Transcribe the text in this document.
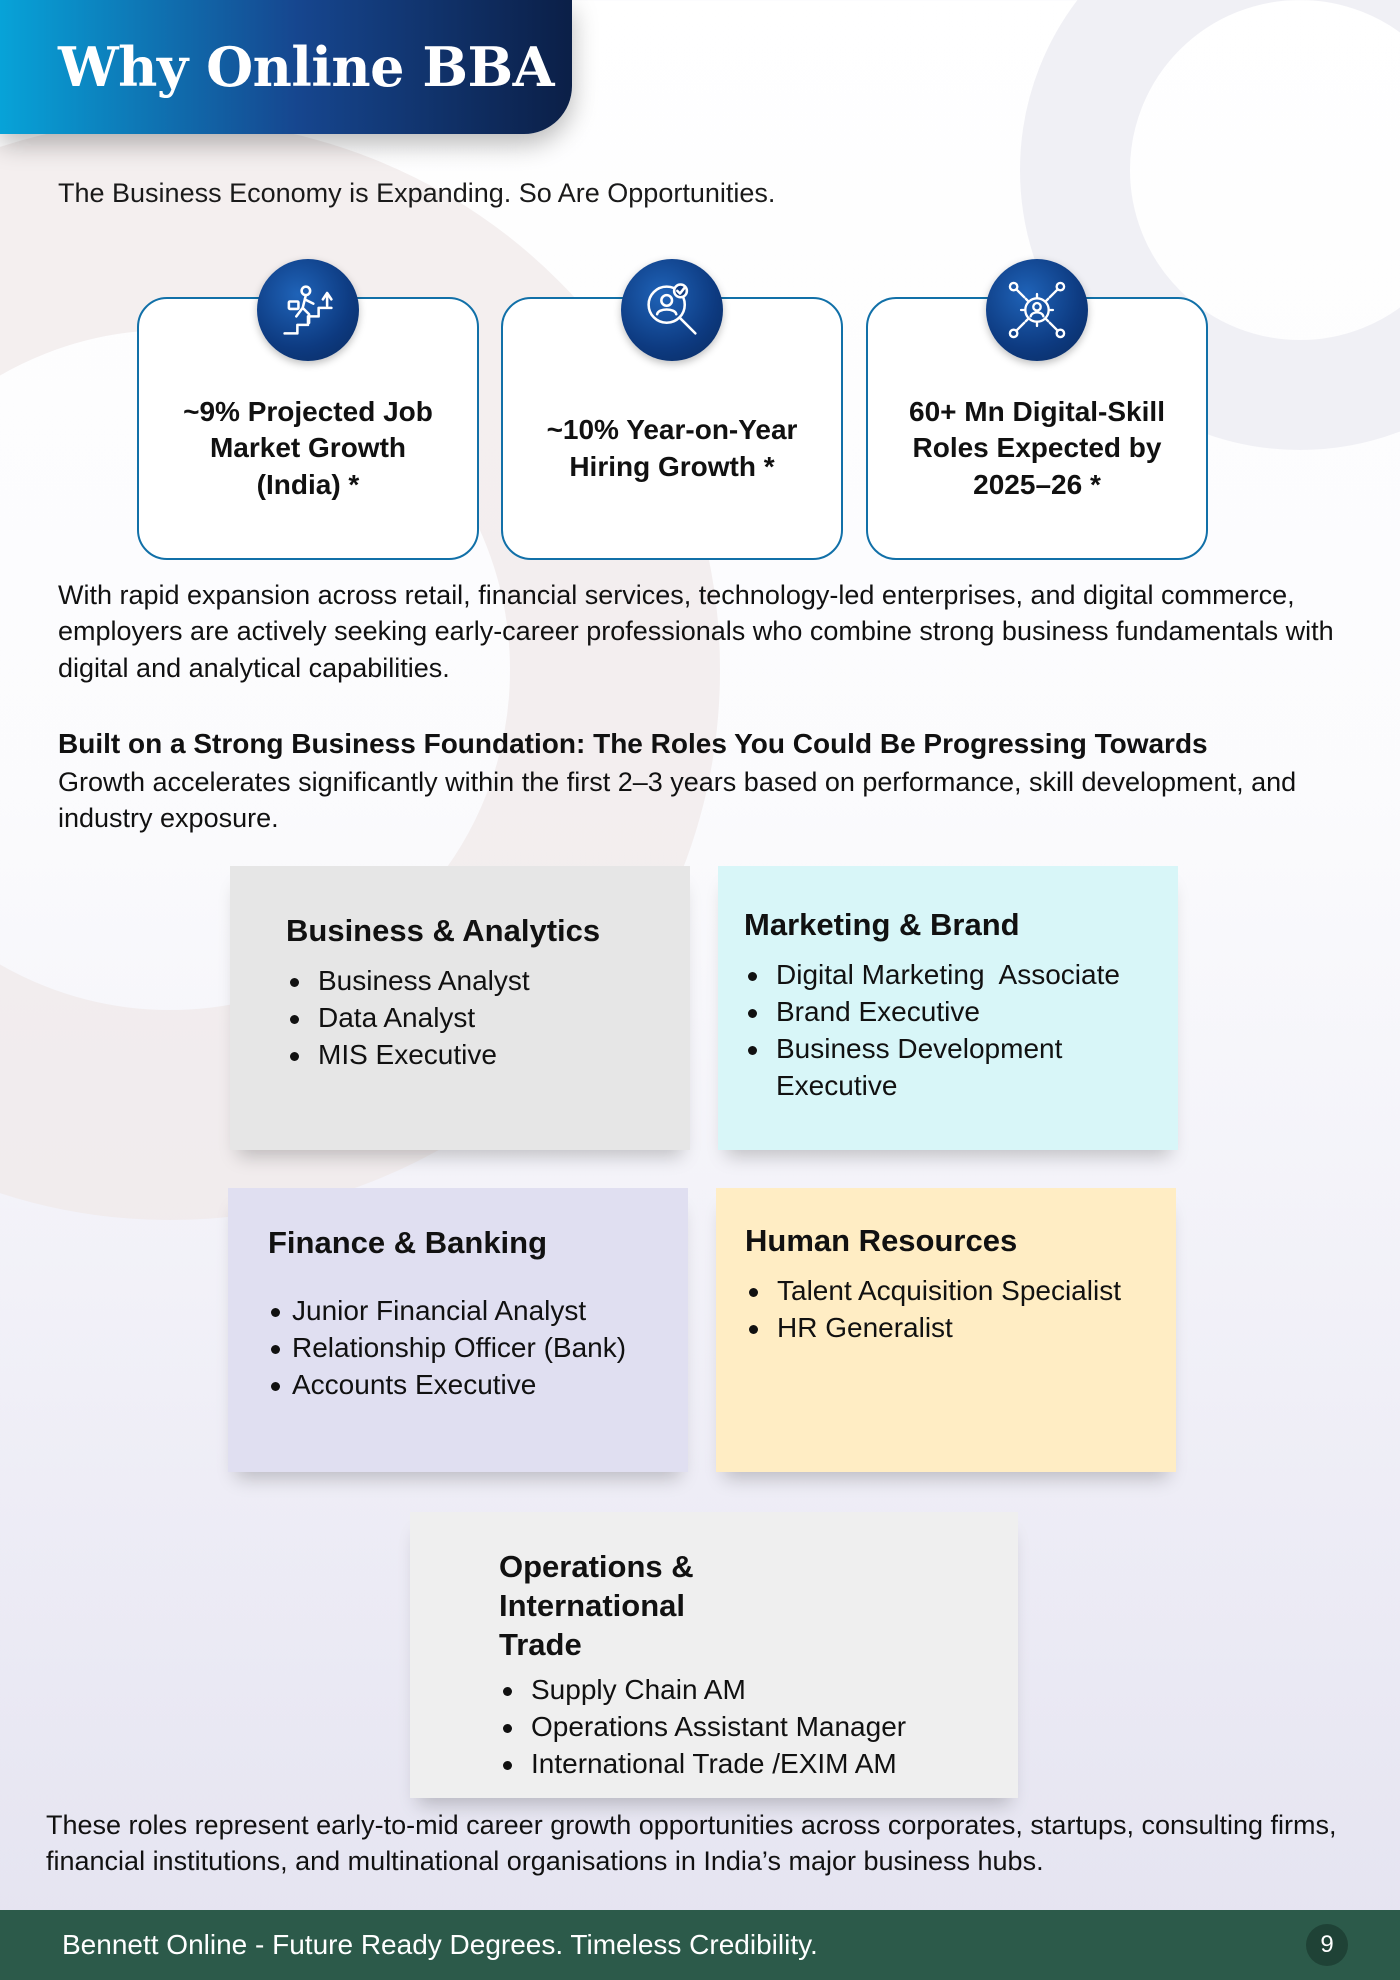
Why Online BBA

The Business Economy is Expanding. So Are Opportunities.

~9% Projected Job Market Growth (India) *
~10% Year-on-Year Hiring Growth *
60+ Mn Digital-Skill Roles Expected by 2025–26 *

With rapid expansion across retail, financial services, technology-led enterprises, and digital commerce, employers are actively seeking early-career professionals who combine strong business fundamentals with digital and analytical capabilities.

Built on a Strong Business Foundation: The Roles You Could Be Progressing Towards

Growth accelerates significantly within the first 2–3 years based on performance, skill development, and industry exposure.

Business & Analytics
Business Analyst
Data Analyst
MIS Executive
Marketing & Brand
Digital Marketing  Associate
Brand Executive
Business Development Executive
Finance & Banking
Junior Financial Analyst
Relationship Officer (Bank)
Accounts Executive
Human Resources
Talent Acquisition Specialist
HR Generalist
Operations & International Trade
Supply Chain AM
Operations Assistant Manager
International Trade /EXIM AM

These roles represent early-to-mid career growth opportunities across corporates, startups, consulting firms, financial institutions, and multinational organisations in India’s major business hubs.

Bennett Online - Future Ready Degrees. Timeless Credibility.	9
